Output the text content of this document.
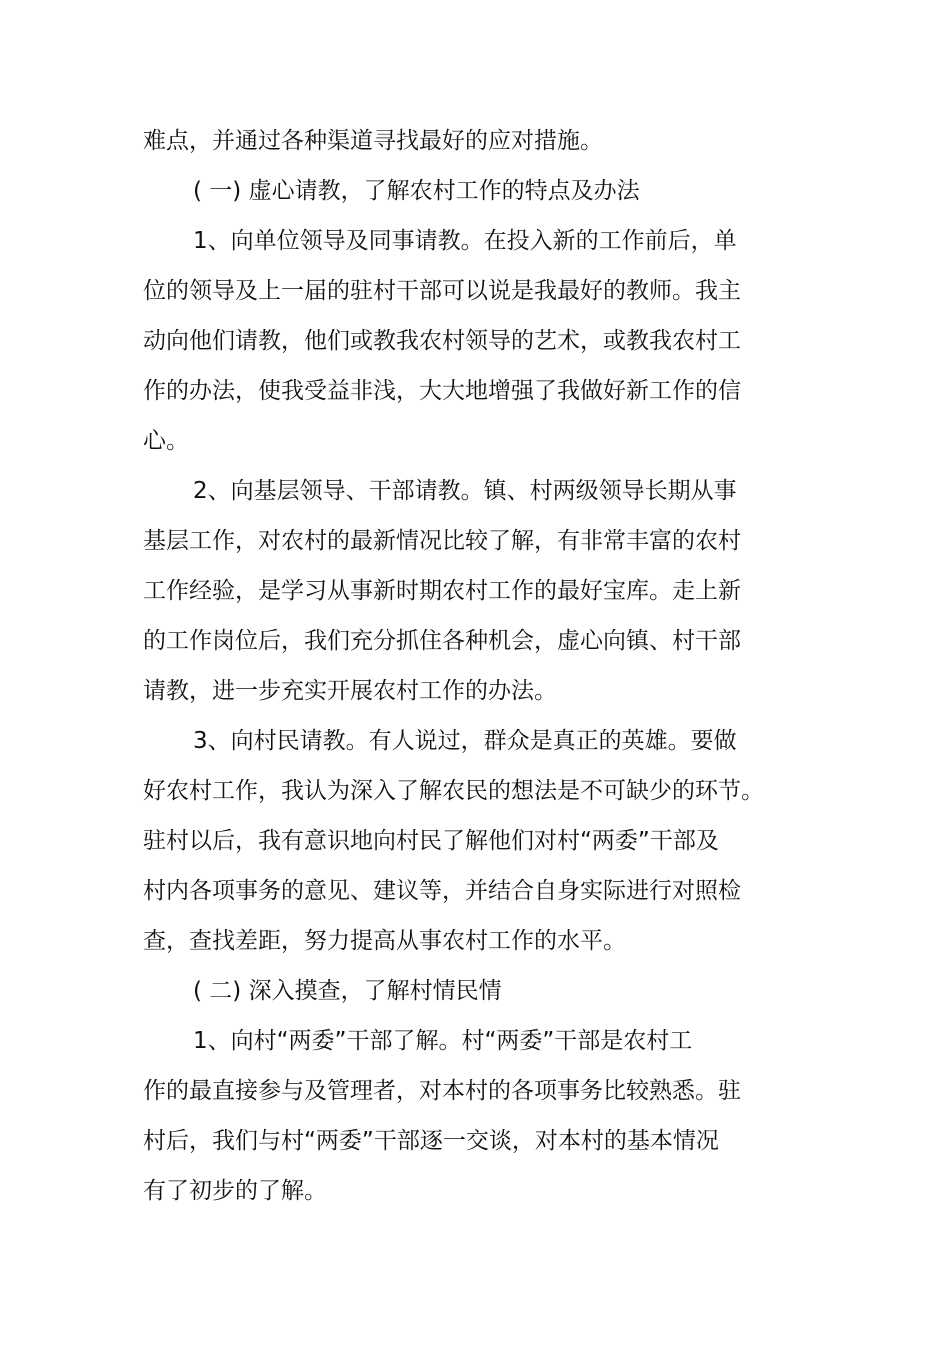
难点，并通过各种渠道寻找最好的应对措施。
( 一) 虚心请教，了解农村工作的特点及办法
1、向单位领导及同事请教。在投入新的工作前后，单
位的领导及上一届的驻村干部可以说是我最好的教师。我主
动向他们请教，他们或教我农村领导的艺术，或教我农村工
作的办法，使我受益非浅，大大地增强了我做好新工作的信
心。
2、向基层领导、干部请教。镇、村两级领导长期从事
基层工作，对农村的最新情况比较了解，有非常丰富的农村
工作经验，是学习从事新时期农村工作的最好宝库。走上新
的工作岗位后，我们充分抓住各种机会，虚心向镇、村干部
请教，进一步充实开展农村工作的办法。
3、向村民请教。有人说过，群众是真正的英雄。要做
好农村工作，我认为深入了解农民的想法是不可缺少的环节。
驻村以后，我有意识地向村民了解他们对村“两委”干部及
村内各项事务的意见、建议等，并结合自身实际进行对照检
查，查找差距，努力提高从事农村工作的水平。
( 二) 深入摸查，了解村情民情
1、向村“两委”干部了解。村“两委”干部是农村工
作的最直接参与及管理者，对本村的各项事务比较熟悉。驻
村后，我们与村“两委”干部逐一交谈，对本村的基本情况
有了初步的了解。
